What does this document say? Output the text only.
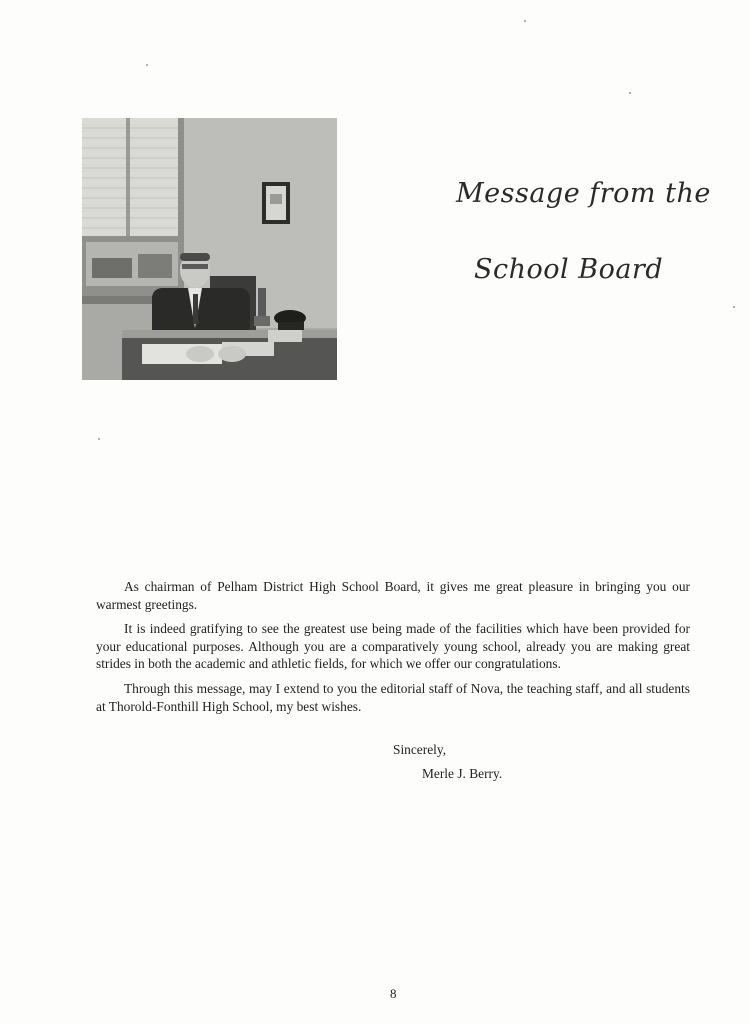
Message from the
School Board

As chairman of Pelham District High School Board, it gives me great pleasure in bringing you our warmest greetings.

It is indeed gratifying to see the greatest use being made of the facilities which have been provided for your educational purposes. Although you are a comparatively young school, already you are making great strides in both the academic and athletic fields, for which we offer our congratulations.

Through this message, may I extend to you the editorial staff of Nova, the teaching staff, and all students at Thorold-Fonthill High School, my best wishes.

Sincerely,
Merle J. Berry.
8
